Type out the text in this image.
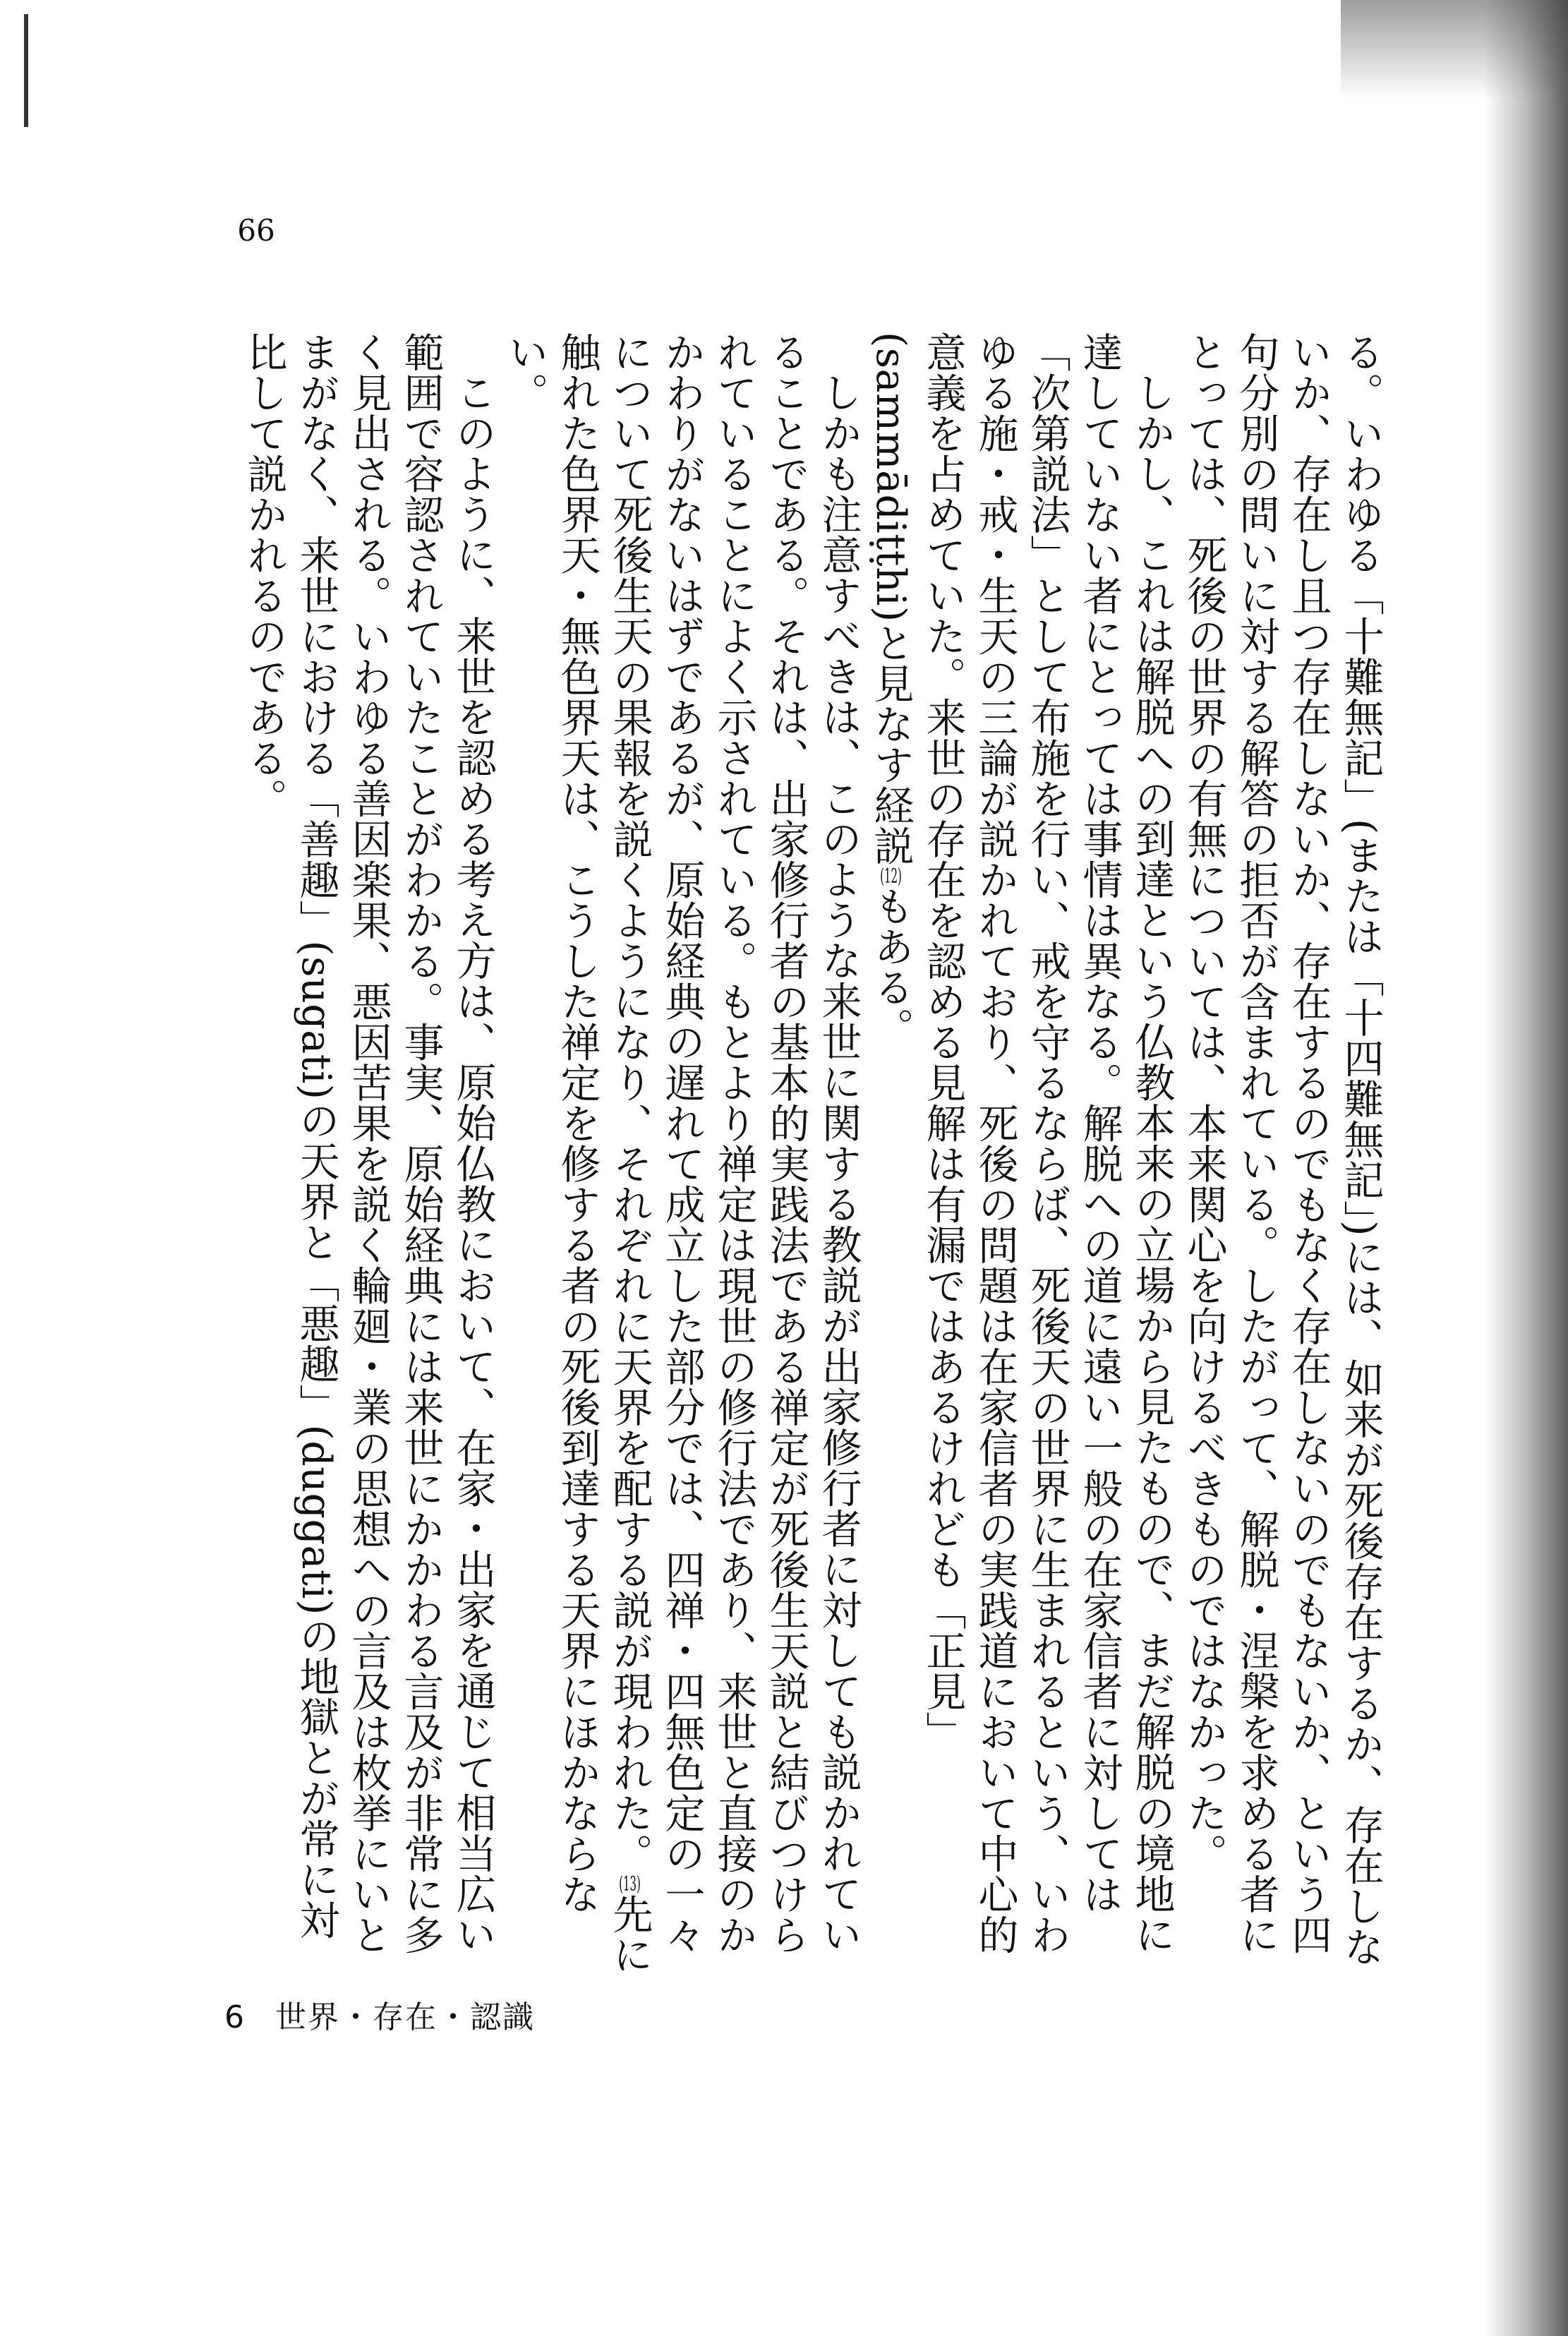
99

る。いわゆる「十難無記」(または「十四難無記」)には、如来が死後存在するか、存在しないか、存在し且つ存在しないか、存在するのでもなく存在しないのでもないか、という四句分別の問いに対する解答の拒否が含まれている。したがって、解脱・涅槃を求める者にとっては、死後の世界の有無については、本来関心を向けるべきものではなかった。

しかし、これは解脱への到達という仏教本来の立場から見たもので、まだ解脱の境地に達していない者にとっては事情は異なる。解脱への道に遠い一般の在家信者に対しては「次第説法」として布施を行い、戒を守るならば、死後天の世界に生まれるという、いわゆる施・戒・生天の三論が説かれており、死後の問題は在家信者の実践道において中心的意義を占めていた。来世の存在を認める見解は有漏ではあるけれども「正見」(sammādiṭṭhi)と見なす経説(12)もある。

しかも注意すべきは、このような来世に関する教説が出家修行者に対しても説かれていることである。それは、出家修行者の基本的実践法である禅定が死後生天説と結びつけられていることによく示されている。もとより禅定は現世の修行法であり、来世と直接のかかわりがないはずであるが、原始経典の遅れて成立した部分では、四禅・四無色定の一々について死後生天の果報を説くようになり、それぞれに天界を配する説が現われた。(13)先に触れた色界天・無色界天は、こうした禅定を修する者の死後到達する天界にほかならない。

このように、来世を認める考え方は、原始仏教において、在家・出家を通じて相当広い範囲で容認されていたことがわかる。事実、原始経典には来世にかかわる言及が非常に多く見出される。いわゆる善因楽果、悪因苦果を説く輪廻・業の思想への言及は枚挙にいとまがなく、来世における「善趣」(sugati)の天界と「悪趣」(duggati)の地獄とが常に対比して説かれるのである。

6 世界・存在・認識
